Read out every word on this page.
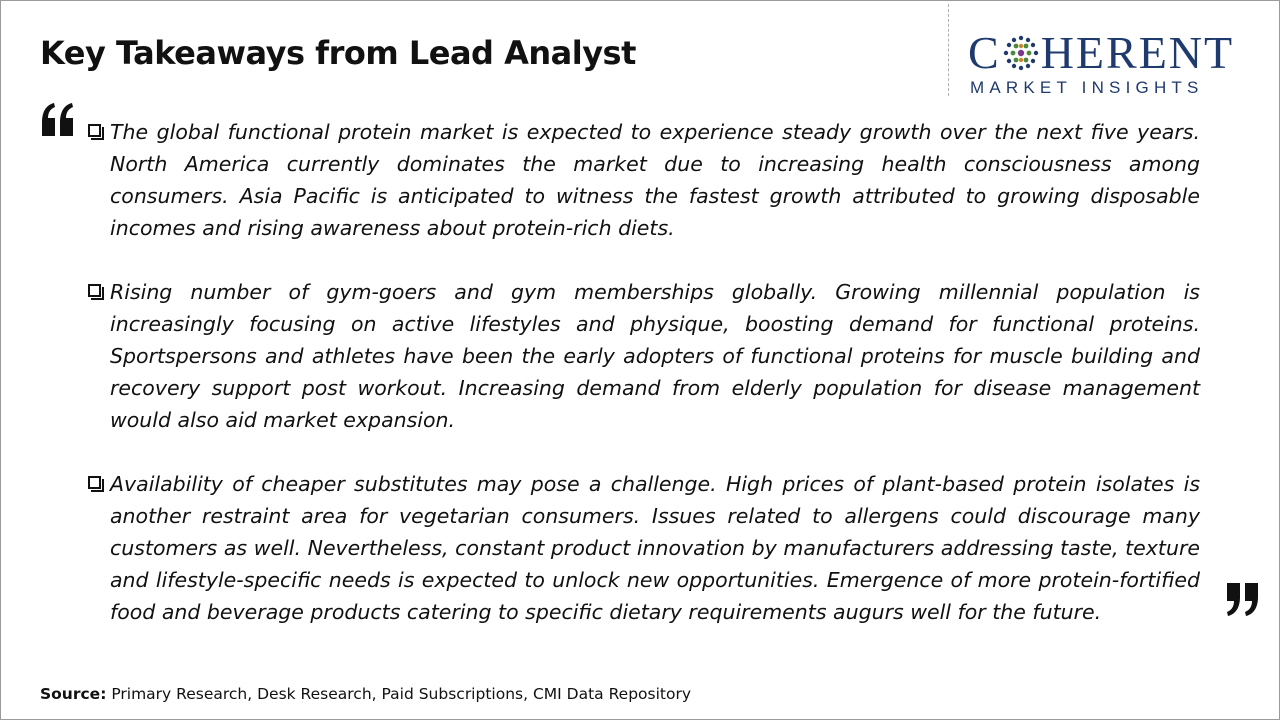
Key Takeaways from Lead Analyst	C HERENT
MARKET INSIGHTS
The global functional protein market is expected to experience steady growth over the next five years. North America currently dominates the market due to increasing health consciousness among consumers. Asia Pacific is anticipated to witness the fastest growth attributed to growing disposable incomes and rising awareness about protein-rich diets.
Rising number of gym-goers and gym memberships globally. Growing millennial population is increasingly focusing on active lifestyles and physique, boosting demand for functional proteins. Sportspersons and athletes have been the early adopters of functional proteins for muscle building and recovery support post workout. Increasing demand from elderly population for disease management would also aid market expansion.
Availability of cheaper substitutes may pose a challenge. High prices of plant-based protein isolates is another restraint area for vegetarian consumers. Issues related to allergens could discourage many customers as well. Nevertheless, constant product innovation by manufacturers addressing taste, texture and lifestyle-specific needs is expected to unlock new opportunities. Emergence of more protein-fortified food and beverage products catering to specific dietary requirements augurs well for the future.
Source: Primary Research, Desk Research, Paid Subscriptions, CMI Data Repository
